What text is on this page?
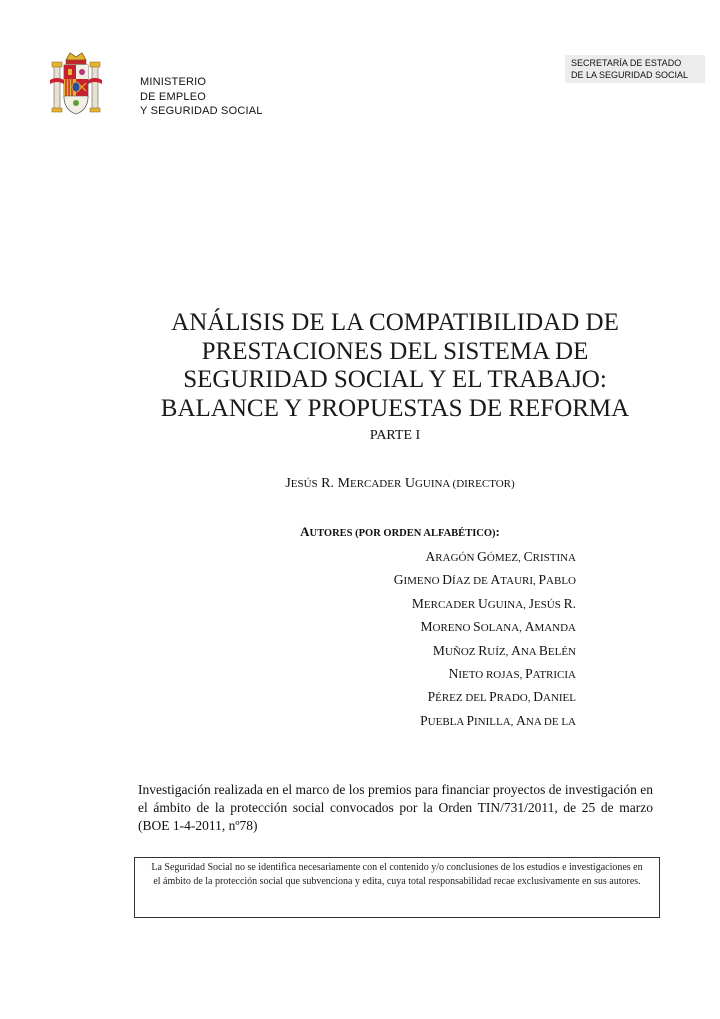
MINISTERIO
DE EMPLEO
Y SEGURIDAD SOCIAL
SECRETARÍA DE ESTADO
DE LA SEGURIDAD SOCIAL
ANÁLISIS DE LA COMPATIBILIDAD DE
PRESTACIONES DEL SISTEMA DE
SEGURIDAD SOCIAL Y EL TRABAJO:
BALANCE Y PROPUESTAS DE REFORMA
PARTE I
JESÚS R. MERCADER UGUINA (DIRECTOR)
AUTORES (POR ORDEN ALFABÉTICO):
ARAGÓN GÓMEZ, CRISTINA
GIMENO DÍAZ DE ATAURI, PABLO
MERCADER UGUINA, JESÚS R.
MORENO SOLANA, AMANDA
MUÑOZ RUÍZ, ANA BELÉN
NIETO ROJAS, PATRICIA
PÉREZ DEL PRADO, DANIEL
PUEBLA PINILLA, ANA DE LA
Investigación realizada en el marco de los premios para financiar proyectos de investigación en el ámbito de la protección social convocados por la Orden TIN/731/2011, de 25 de marzo (BOE 1-4-2011, nº78)
La Seguridad Social no se identifica necesariamente con el contenido y/o conclusiones de los estudios e investigaciones en el ámbito de la protección social que subvenciona y edita, cuya total responsabilidad recae exclusivamente en sus autores.
